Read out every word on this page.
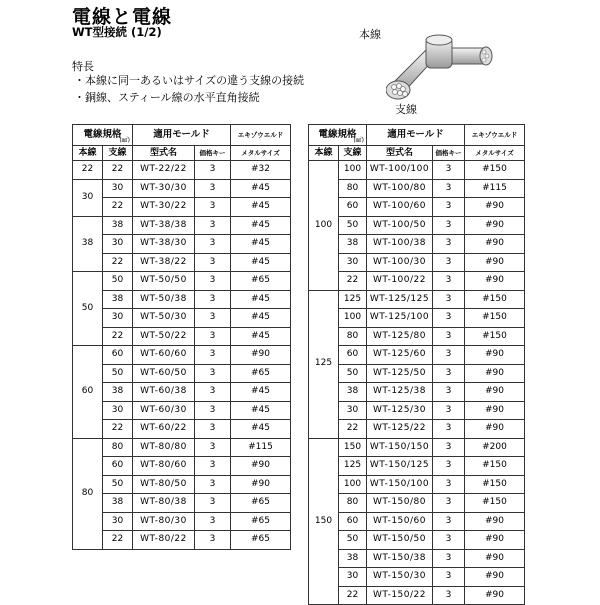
電線と電線
WT型接続 (1/2)
特長
・ 本線に同一あるいはサイズの違う支線の接続
・ 銅線、スティール線の水平直角接続
本線
支線
電線規格
(㎟)		適用モールド		エキゾウエルド
本線	支線	型式名	価格キー	メタルサイズ
22	22	WT-22/22	3	#32
30	30	WT-30/30	3	#45
	22	WT-30/22	3	#45
38	38	WT-38/38	3	#45
	30	WT-38/30	3	#45
	22	WT-38/22	3	#45
50	50	WT-50/50	3	#65
	38	WT-50/38	3	#45
	30	WT-50/30	3	#45
	22	WT-50/22	3	#45
60	60	WT-60/60	3	#90
	50	WT-60/50	3	#65
	38	WT-60/38	3	#45
	30	WT-60/30	3	#45
	22	WT-60/22	3	#45
80	80	WT-80/80	3	#115
	60	WT-80/60	3	#90
	50	WT-80/50	3	#90
	38	WT-80/38	3	#65
	30	WT-80/30	3	#65
	22	WT-80/22	3	#65
電線規格
(㎟)		適用モールド		エキゾウエルド
本線	支線	型式名	価格キー	メタルサイズ
100	100	WT-100/100	3	#150
	80	WT-100/80	3	#115
	60	WT-100/60	3	#90
	50	WT-100/50	3	#90
	38	WT-100/38	3	#90
	30	WT-100/30	3	#90
	22	WT-100/22	3	#90
125	125	WT-125/125	3	#150
	100	WT-125/100	3	#150
	80	WT-125/80	3	#150
	60	WT-125/60	3	#90
	50	WT-125/50	3	#90
	38	WT-125/38	3	#90
	30	WT-125/30	3	#90
	22	WT-125/22	3	#90
150	150	WT-150/150	3	#200
	125	WT-150/125	3	#150
	100	WT-150/100	3	#150
	80	WT-150/80	3	#150
	60	WT-150/60	3	#90
	50	WT-150/50	3	#90
	38	WT-150/38	3	#90
	30	WT-150/30	3	#90
	22	WT-150/22	3	#90
